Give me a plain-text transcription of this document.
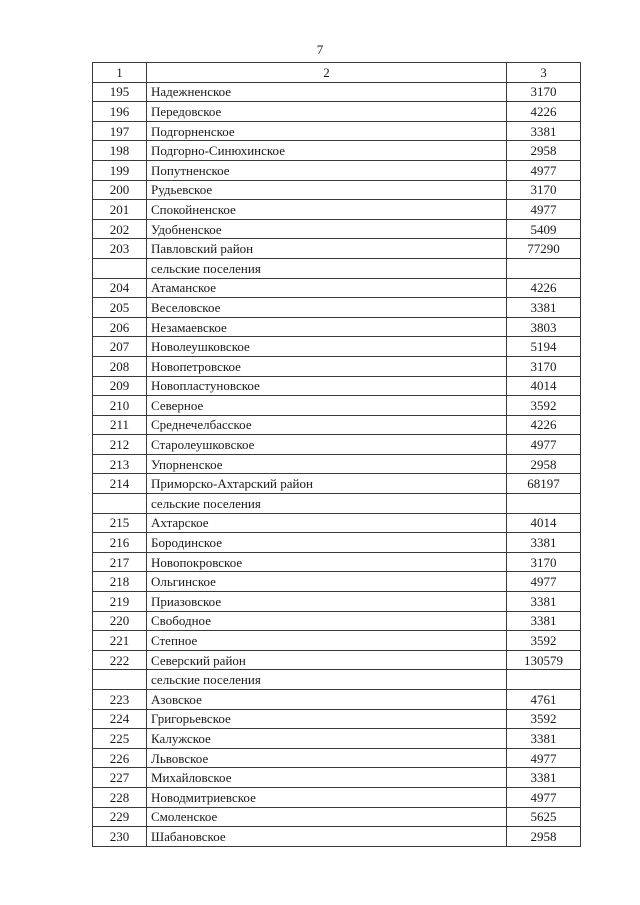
7
1	2	3
195	Надежненское	3170
196	Передовское	4226
197	Подгорненское	3381
198	Подгорно-Синюхинское	2958
199	Попутненское	4977
200	Рудьевское	3170
201	Спокойненское	4977
202	Удобненское	5409
203	Павловский район	77290
	сельские поселения	
204	Атаманское	4226
205	Веселовское	3381
206	Незамаевское	3803
207	Новолеушковское	5194
208	Новопетровское	3170
209	Новопластуновское	4014
210	Северное	3592
211	Среднечелбасское	4226
212	Старолеушковское	4977
213	Упорненское	2958
214	Приморско-Ахтарский район	68197
	сельские поселения	
215	Ахтарское	4014
216	Бородинское	3381
217	Новопокровское	3170
218	Ольгинское	4977
219	Приазовское	3381
220	Свободное	3381
221	Степное	3592
222	Северский район	130579
	сельские поселения	
223	Азовское	4761
224	Григорьевское	3592
225	Калужское	3381
226	Львовское	4977
227	Михайловское	3381
228	Новодмитриевское	4977
229	Смоленское	5625
230	Шабановское	2958
